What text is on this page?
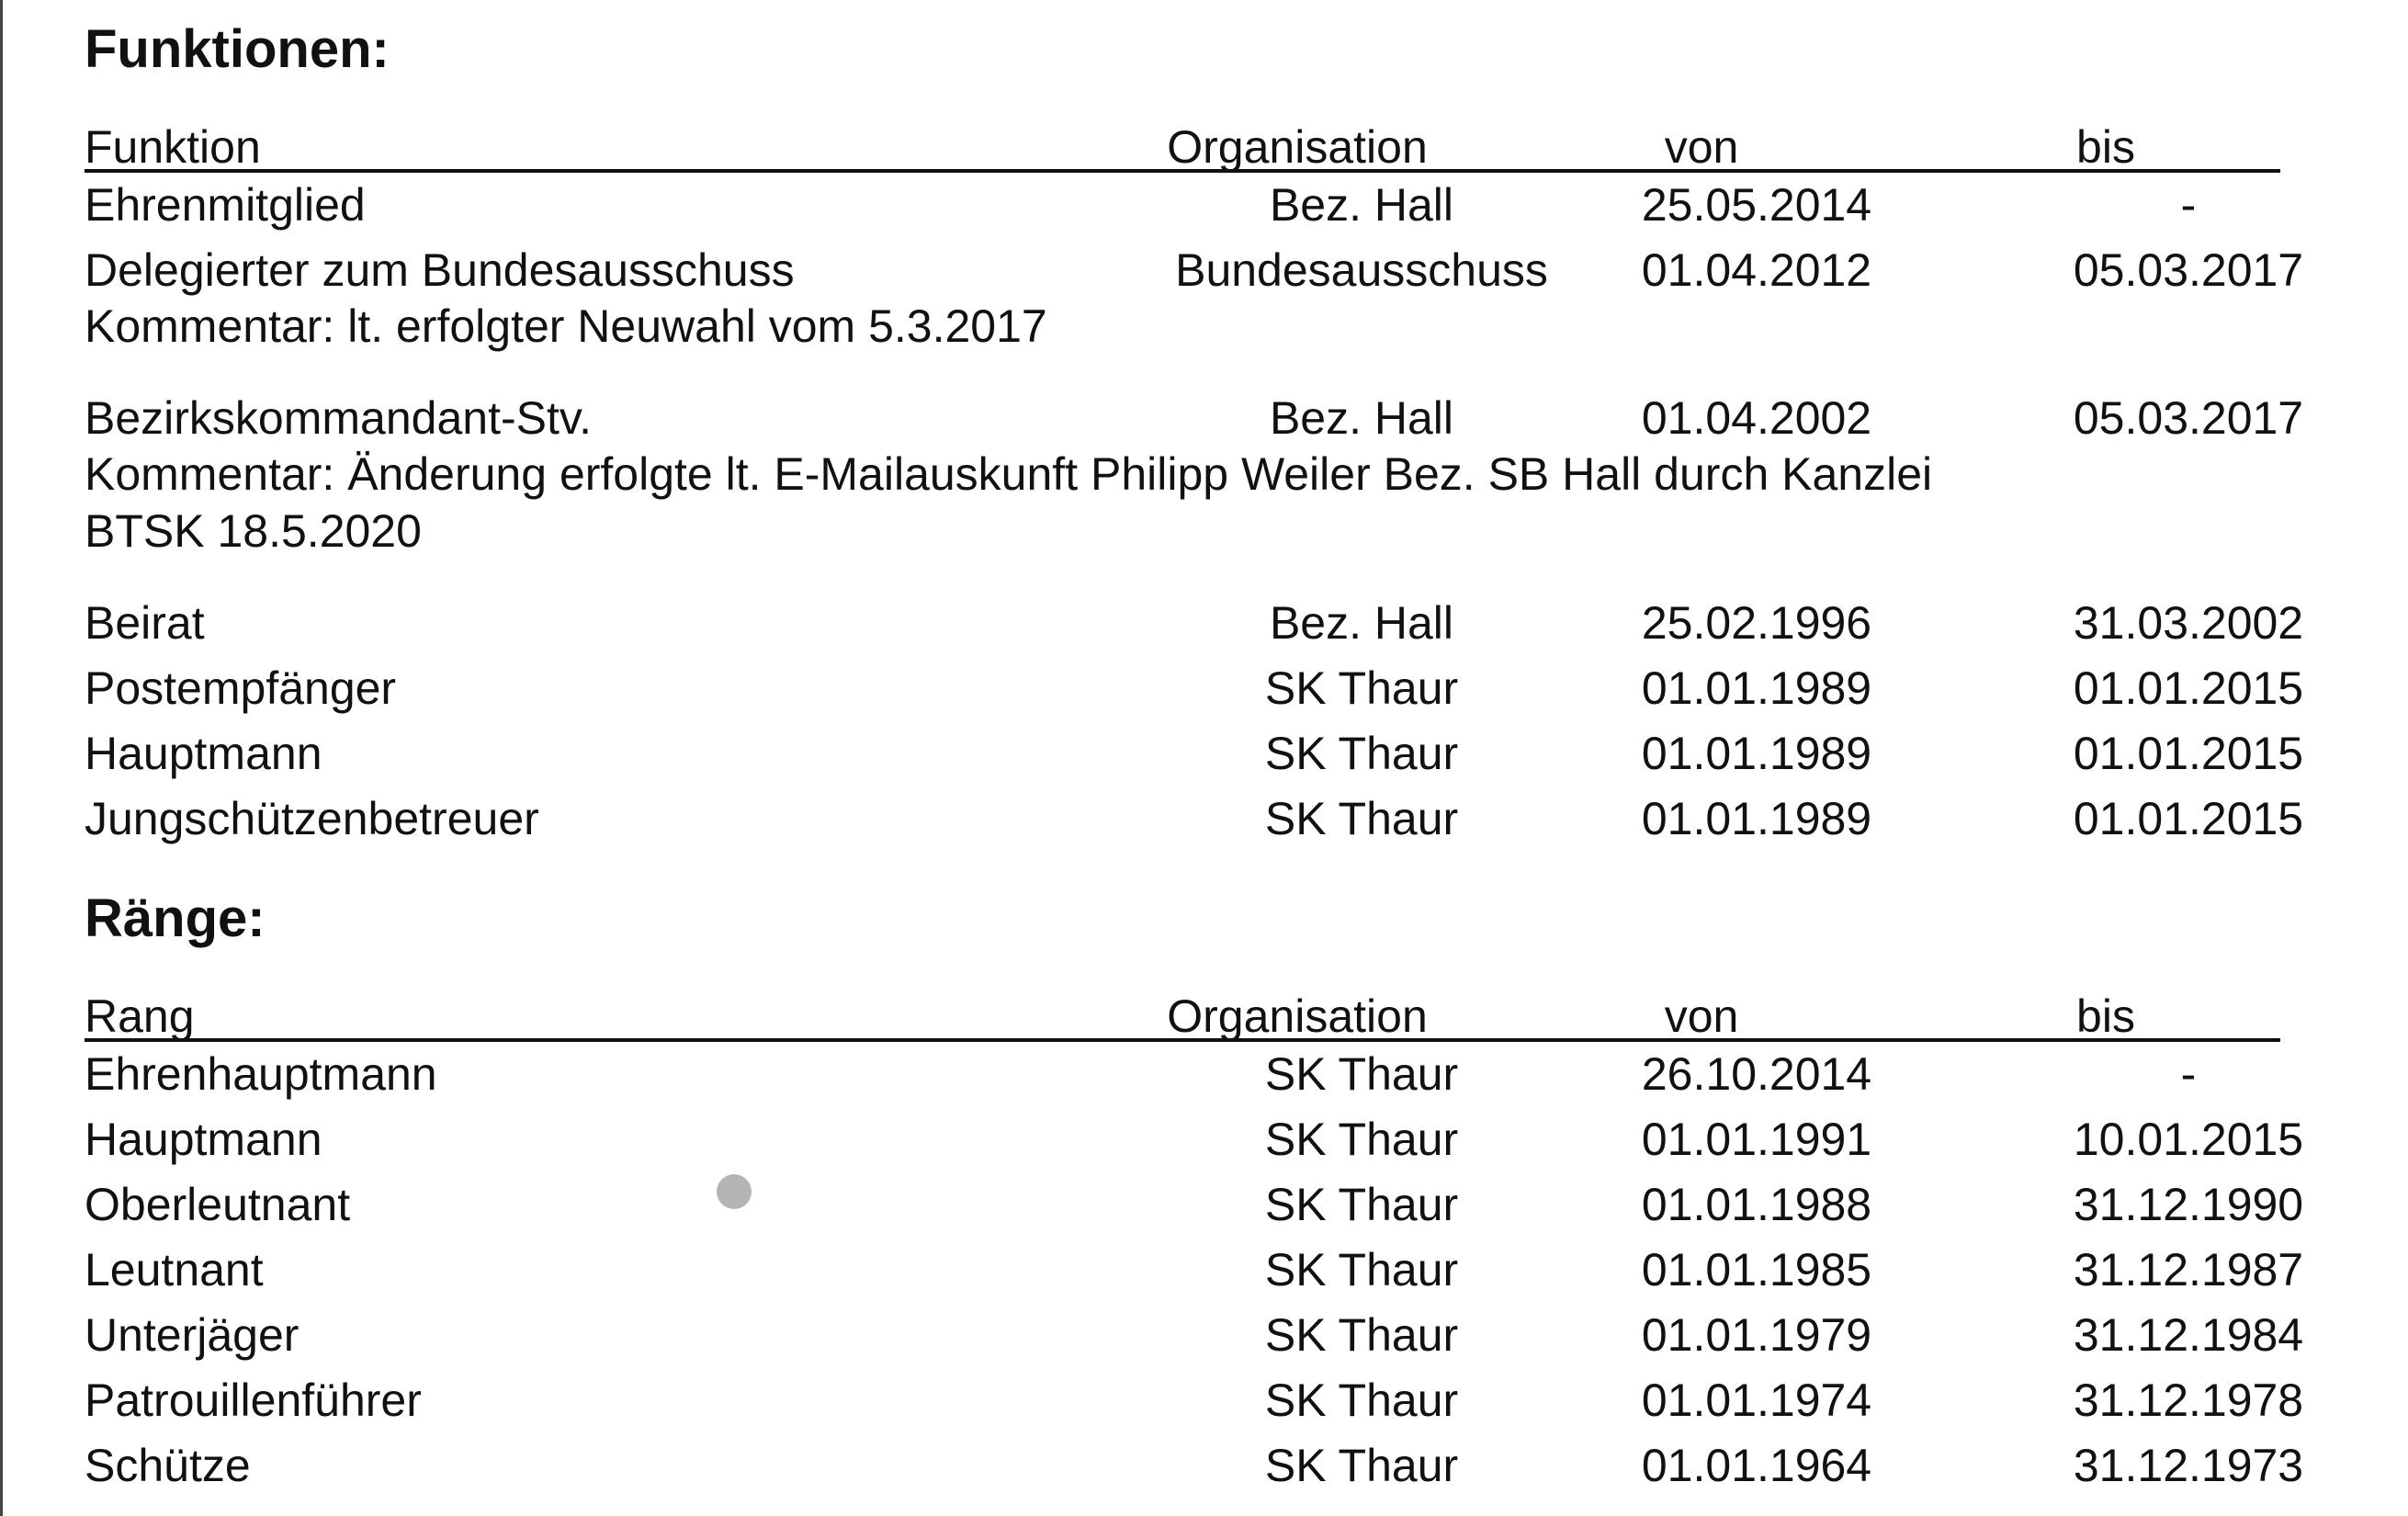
Funktionen:
Funktion	Organisation	von	bis
Ehrenmitglied	Bez. Hall	25.05.2014	-
Delegierter zum Bundesausschuss	Bundesausschuss	01.04.2012	05.03.2017
Kommentar: lt. erfolgter Neuwahl vom 5.3.2017
Bezirkskommandant-Stv.	Bez. Hall	01.04.2002	05.03.2017
Kommentar: Änderung erfolgte lt. E-Mailauskunft Philipp Weiler Bez. SB Hall durch Kanzlei BTSK 18.5.2020
Beirat	Bez. Hall	25.02.1996	31.03.2002
Postempfänger	SK Thaur	01.01.1989	01.01.2015
Hauptmann	SK Thaur	01.01.1989	01.01.2015
Jungschützenbetreuer	SK Thaur	01.01.1989	01.01.2015
Ränge:
Rang	Organisation	von	bis
Ehrenhauptmann	SK Thaur	26.10.2014	-
Hauptmann	SK Thaur	01.01.1991	10.01.2015
Oberleutnant	SK Thaur	01.01.1988	31.12.1990
Leutnant	SK Thaur	01.01.1985	31.12.1987
Unterjäger	SK Thaur	01.01.1979	31.12.1984
Patrouillenführer	SK Thaur	01.01.1974	31.12.1978
Schütze	SK Thaur	01.01.1964	31.12.1973
